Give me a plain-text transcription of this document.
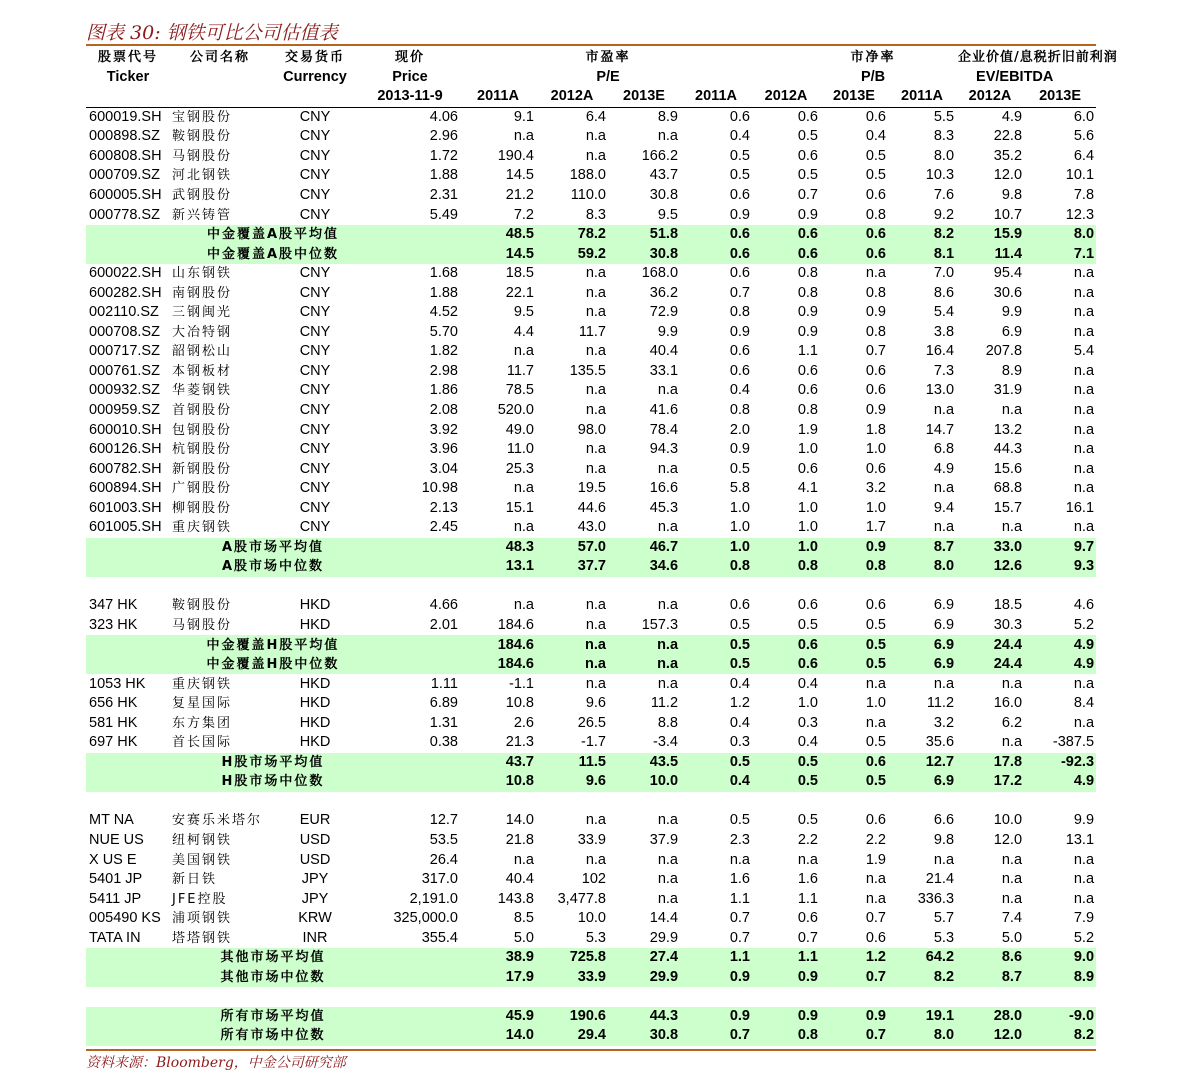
图表 30: 钢铁可比公司估值表
股票代号	公司名称	交易货币	现价		市盈率			市净率			企业价值/息税折旧前利润	
Ticker		Currency	Price		P/E			P/B			EV/EBITDA	
			2013-11-9	2011A	2012A	2013E	2011A	2012A	2013E	2011A	2012A	2013E
600019.SH	宝钢股份	CNY	4.06	9.1	6.4	8.9	0.6	0.6	0.6	5.5	4.9	6.0
000898.SZ	鞍钢股份	CNY	2.96	n.a	n.a	n.a	0.4	0.5	0.4	8.3	22.8	5.6
600808.SH	马钢股份	CNY	1.72	190.4	n.a	166.2	0.5	0.6	0.5	8.0	35.2	6.4
000709.SZ	河北钢铁	CNY	1.88	14.5	188.0	43.7	0.5	0.5	0.5	10.3	12.0	10.1
600005.SH	武钢股份	CNY	2.31	21.2	110.0	30.8	0.6	0.7	0.6	7.6	9.8	7.8
000778.SZ	新兴铸管	CNY	5.49	7.2	8.3	9.5	0.9	0.9	0.8	9.2	10.7	12.3
中金覆盖A股平均值				48.5	78.2	51.8	0.6	0.6	0.6	8.2	15.9	8.0
中金覆盖A股中位数				14.5	59.2	30.8	0.6	0.6	0.6	8.1	11.4	7.1
600022.SH	山东钢铁	CNY	1.68	18.5	n.a	168.0	0.6	0.8	n.a	7.0	95.4	n.a
600282.SH	南钢股份	CNY	1.88	22.1	n.a	36.2	0.7	0.8	0.8	8.6	30.6	n.a
002110.SZ	三钢闽光	CNY	4.52	9.5	n.a	72.9	0.8	0.9	0.9	5.4	9.9	n.a
000708.SZ	大冶特钢	CNY	5.70	4.4	11.7	9.9	0.9	0.9	0.8	3.8	6.9	n.a
000717.SZ	韶钢松山	CNY	1.82	n.a	n.a	40.4	0.6	1.1	0.7	16.4	207.8	5.4
000761.SZ	本钢板材	CNY	2.98	11.7	135.5	33.1	0.6	0.6	0.6	7.3	8.9	n.a
000932.SZ	华菱钢铁	CNY	1.86	78.5	n.a	n.a	0.4	0.6	0.6	13.0	31.9	n.a
000959.SZ	首钢股份	CNY	2.08	520.0	n.a	41.6	0.8	0.8	0.9	n.a	n.a	n.a
600010.SH	包钢股份	CNY	3.92	49.0	98.0	78.4	2.0	1.9	1.8	14.7	13.2	n.a
600126.SH	杭钢股份	CNY	3.96	11.0	n.a	94.3	0.9	1.0	1.0	6.8	44.3	n.a
600782.SH	新钢股份	CNY	3.04	25.3	n.a	n.a	0.5	0.6	0.6	4.9	15.6	n.a
600894.SH	广钢股份	CNY	10.98	n.a	19.5	16.6	5.8	4.1	3.2	n.a	68.8	n.a
601003.SH	柳钢股份	CNY	2.13	15.1	44.6	45.3	1.0	1.0	1.0	9.4	15.7	16.1
601005.SH	重庆钢铁	CNY	2.45	n.a	43.0	n.a	1.0	1.0	1.7	n.a	n.a	n.a
A股市场平均值				48.3	57.0	46.7	1.0	1.0	0.9	8.7	33.0	9.7
A股市场中位数				13.1	37.7	34.6	0.8	0.8	0.8	8.0	12.6	9.3

347 HK	鞍钢股份	HKD	4.66	n.a	n.a	n.a	0.6	0.6	0.6	6.9	18.5	4.6
323 HK	马钢股份	HKD	2.01	184.6	n.a	157.3	0.5	0.5	0.5	6.9	30.3	5.2
中金覆盖H股平均值				184.6	n.a	n.a	0.5	0.6	0.5	6.9	24.4	4.9
中金覆盖H股中位数				184.6	n.a	n.a	0.5	0.6	0.5	6.9	24.4	4.9
1053 HK	重庆钢铁	HKD	1.11	-1.1	n.a	n.a	0.4	0.4	n.a	n.a	n.a	n.a
656 HK	复星国际	HKD	6.89	10.8	9.6	11.2	1.2	1.0	1.0	11.2	16.0	8.4
581 HK	东方集团	HKD	1.31	2.6	26.5	8.8	0.4	0.3	n.a	3.2	6.2	n.a
697 HK	首长国际	HKD	0.38	21.3	-1.7	-3.4	0.3	0.4	0.5	35.6	n.a	-387.5
H股市场平均值				43.7	11.5	43.5	0.5	0.5	0.6	12.7	17.8	-92.3
H股市场中位数				10.8	9.6	10.0	0.4	0.5	0.5	6.9	17.2	4.9

MT NA	安赛乐米塔尔	EUR	12.7	14.0	n.a	n.a	0.5	0.5	0.6	6.6	10.0	9.9
NUE US	纽柯钢铁	USD	53.5	21.8	33.9	37.9	2.3	2.2	2.2	9.8	12.0	13.1
X US E	美国钢铁	USD	26.4	n.a	n.a	n.a	n.a	n.a	1.9	n.a	n.a	n.a
5401 JP	新日铁	JPY	317.0	40.4	102	n.a	1.6	1.6	n.a	21.4	n.a	n.a
5411 JP	JFE控股	JPY	2,191.0	143.8	3,477.8	n.a	1.1	1.1	n.a	336.3	n.a	n.a
005490 KS	浦项钢铁	KRW	325,000.0	8.5	10.0	14.4	0.7	0.6	0.7	5.7	7.4	7.9
TATA IN	塔塔钢铁	INR	355.4	5.0	5.3	29.9	0.7	0.7	0.6	5.3	5.0	5.2
其他市场平均值				38.9	725.8	27.4	1.1	1.1	1.2	64.2	8.6	9.0
其他市场中位数				17.9	33.9	29.9	0.9	0.9	0.7	8.2	8.7	8.9

所有市场平均值				45.9	190.6	44.3	0.9	0.9	0.9	19.1	28.0	-9.0
所有市场中位数				14.0	29.4	30.8	0.7	0.8	0.7	8.0	12.0	8.2
资料来源：Bloomberg，中金公司研究部
